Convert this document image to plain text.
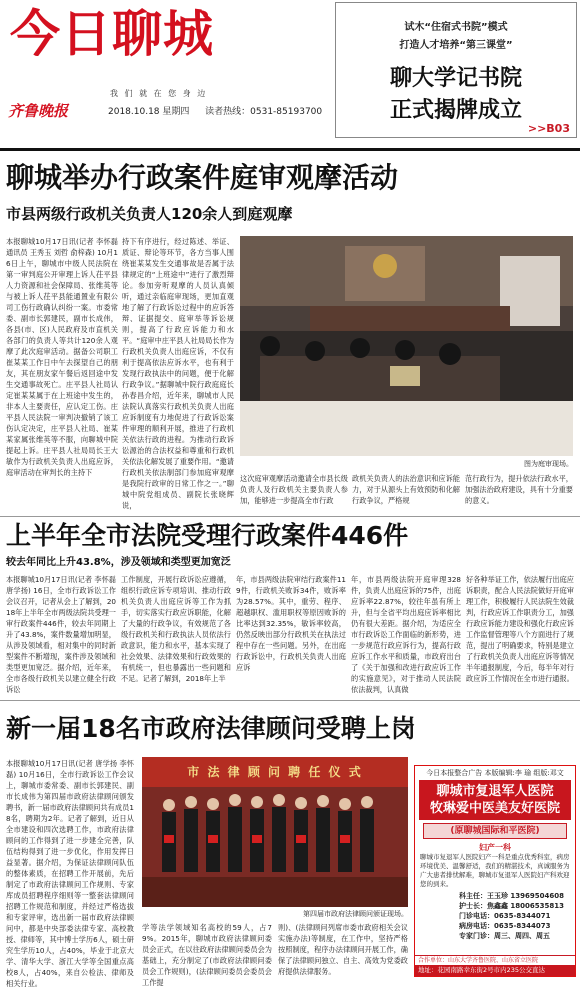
今日聊城
我 们 就 在 您 身 边
齐鲁晚报	2018.10.18 星期四 读者热线：0531-85193700
试木“住宿式书院”模式
打造人才培养“第三课堂”
聊大学记书院
正式揭牌成立
>>B03
聊城举办行政案件庭审观摩活动
市县两级行政机关负责人120余人到庭观摩
本报聊城10月17日讯(记者 李怀磊 通讯员 王秀玉 刘哲 俞梓森) 10月16日上午，聊城市中级人民法院在第一审判庭公开审理上诉人茌平县人力资源和社会保障局、张维英等与被上诉人茌平县能通置业有限公司工伤行政确认纠纷一案。市委常委、副市长郭建民，副市长成伟，各县(市、区)人民政府及市直机关各部门的负责人等共计120余人观摩了此次庭审活动。据备公司职工崔某某工作日中午去探望自己的朋友，其在朋友家午餐后返回途中发生交通事故死亡。庄平县人社局认定崔某某属于在上班途中发生的，非本人主要责任，应认定工伤。庄平县人民法院一审判决撤销了该工伤认定决定，庄平县人社局、崔某某家属张维英等不服，向聊城中院提起上诉。庄平县人社局局长王大敏作为行政机关负责人出庭应诉，庭审活动在审判长的主持下
持下有序进行，经过陈述、举证、质证、辩论等环节，各方当事人围绕崔某某发生交通事故是否属于法律规定的“上班途中”进行了激烈辩论。参加旁听观摩的人员认真倾听，通过亲临庭审现场，更加直观地了解了行政诉讼过程中的应诉答辩、证据提交、庭审举等诉讼规则，提高了行政应诉能力和水平。“庭审中庄平县人社局局长作为行政机关负责人出庭应诉，不仅有利于提高依法应诉水平，也有利于发现行政执法中的问题，便于化解行政争议。”据聊城中院行政庭庭长孙春昌介绍，近年来，聊城市人民法院认真落实行政机关负责人出庭应诉制度有力地促进了行政诉讼案件审理的顺利开展，推进了行政机关依法行政的进程。为推动行政诉讼源治的合法权益和尊重和行政机关依法化解发展了重要作用。“邀请行政机关依法制部门参加庭审观摩是我院行政审的日常工作之一。”聊城中院党组成员、副院长张晓辉说，
图为庭审现场。
这次庭审观摩活动邀请全市县长级负责人及行政机关主要负责人参加，能够进一步提高全市行政
政机关负责人的法治意识和应诉能力，对于从源头上有效预防和化解行政争议，严格规
范行政行为，提升依法行政水平，加强法治政府建设，具有十分重要的意义。
上半年全市法院受理行政案件446件
较去年同比上升43.8%，涉及领域和类型更加宽泛
本报聊城10月17日讯(记者 李怀磊 唐学扬) 16日，全市行政诉讼工作会议召开，记者从会上了解到，2018年上半年全市两级法院共受理一审行政案件446件，较去年同期上升了43.8%，案件数量增加明显，从涉及领域看，相对集中的同时新型案件不断增现，案件涉及领域和类型更加宽泛。据介绍，近年来，全市各级行政机关以建立健全行政诉讼
工作制度，开展行政诉讼应遵循，组织行政应诉专项培训、推动行政机关负责人出庭应诉等工作为抓手，切实落实行政应诉职能，化解了大量的行政争议，有效规范了各级行政机关和行政执法人员依法行政意识，能力和水平，基本实现了社会效果、法律效果和行政效果的有机统一，但也暴露出一些问题和不足。记者了解到，2018年上半
年，市县两级法院审结行政案件119件，行政机关败诉34件，败诉率为28.57%。其中，重劳、程序、超越职权、滥用职权等原因败诉的比率达到32.35%，敏诉率较高，仍然反映出部分行政机关在执法过程中存在一些问题。另外，在出庭行政诉讼中，行政机关负责人出庭应诉
年，市县两级法院开庭审理328件，负责人出庭应诉的75件，出庭应诉率22.87%，较往年虽有所上升，但与全省平均出庭应诉率相比仍有很大差距。据介绍，为适应全市行政诉讼工作面临的新形势，进一步规范行政应诉行为，提高行政应诉工作水平和质量，市政府出台了《关于加强和改进行政应诉工作的实施意见》，对于推动人民法院依法裁判，认真做
好各种举证工作，依法履行出庭应诉职责，配合人民法院做好开庭审理工作，积极履行人民法院生效裁判，行政应诉工作职责分工，加强行政应诉能力建设和强化行政应诉工作监督管理等八个方面进行了规范，提出了明确要求，特别是建立了行政机关负责人出庭应诉等情况半年通报制度，今后，每半年对行政应诉工作情况在全市进行通报。
新一届18名市政府法律顾问受聘上岗
本报聊城10月17日讯(记者 唐学扬 李怀磊) 10月16日，全市行政诉讼工作会议上，聊城市委常委、副市长郭建民、副市长成伟为第四届市政府法律顾问颁发聘书，新一届市政府法律顾问共有成员18名，聘期为2年。记者了解到，近日从全市建设和四次选聘工作，市政府法律顾问的工作得到了进一步建全完善，队伍结构得到了进一步优化，作用发挥日益显著。据介绍，为保证法律顾问队伍的整体素质，在招聘工作开展前，先后制定了市政府法律顾问工作规则、专家库成员招聘程序细则等一整套法律顾问招聘工作规范和制度，并经过严格选拔和专家评审，选出新一届市政府法律顾问中，都是中央部委法律专家、高校教授、律师等，其中博士学历6人，硕士研究生学历10人，占40%，毕业于北京大学、清华大学、浙江大学等全国重点高校8人，占40%，来自公检法、律师及相关行业。
市 法 律 顾 问 聘 任 仪 式
第四届市政府法律顾问颁证现场。
学等法学领域知名高校的59人，占79%。2015年，聊城市政府法律顾问委员会正式，在以往政府法律顾问委员会为基础上，充分制定了(市政府法律顾问委员会工作规则)，(法律顾问委员会委员会工作提
则)、(法律顾问列席市委市政府相关会议实施办法)等制度，在工作中，坚持严格按照制度，程序办法律顾问开展工作，确保了法律顾问独立、自主、高效为党委政府提供法律服务。
今日本报整合广告 本版编辑:李 瑜 组版:邓文
聊城市复退军人医院
牧琳爱中医美友好医院
(原聊城国际和平医院)
妇产一科
聊城市复退军人医院妇产一科是重点优秀科室，病房环境优美、温馨舒适，我们的精湛技术，真诚服务为广大患者排忧解难，聊城市复退军人医院妇产科欢迎您的到来。
科主任：王玉珍 13969504608
护士长：焦鑫鑫 18006535813
门诊电话：0635-8344071
病房电话：0635-8344073
专家门诊：周三、周四、周五
合作单位：山东大学齐鲁医院、山东省立医院
地址：花园南路幸东街2号市内235公交直达
